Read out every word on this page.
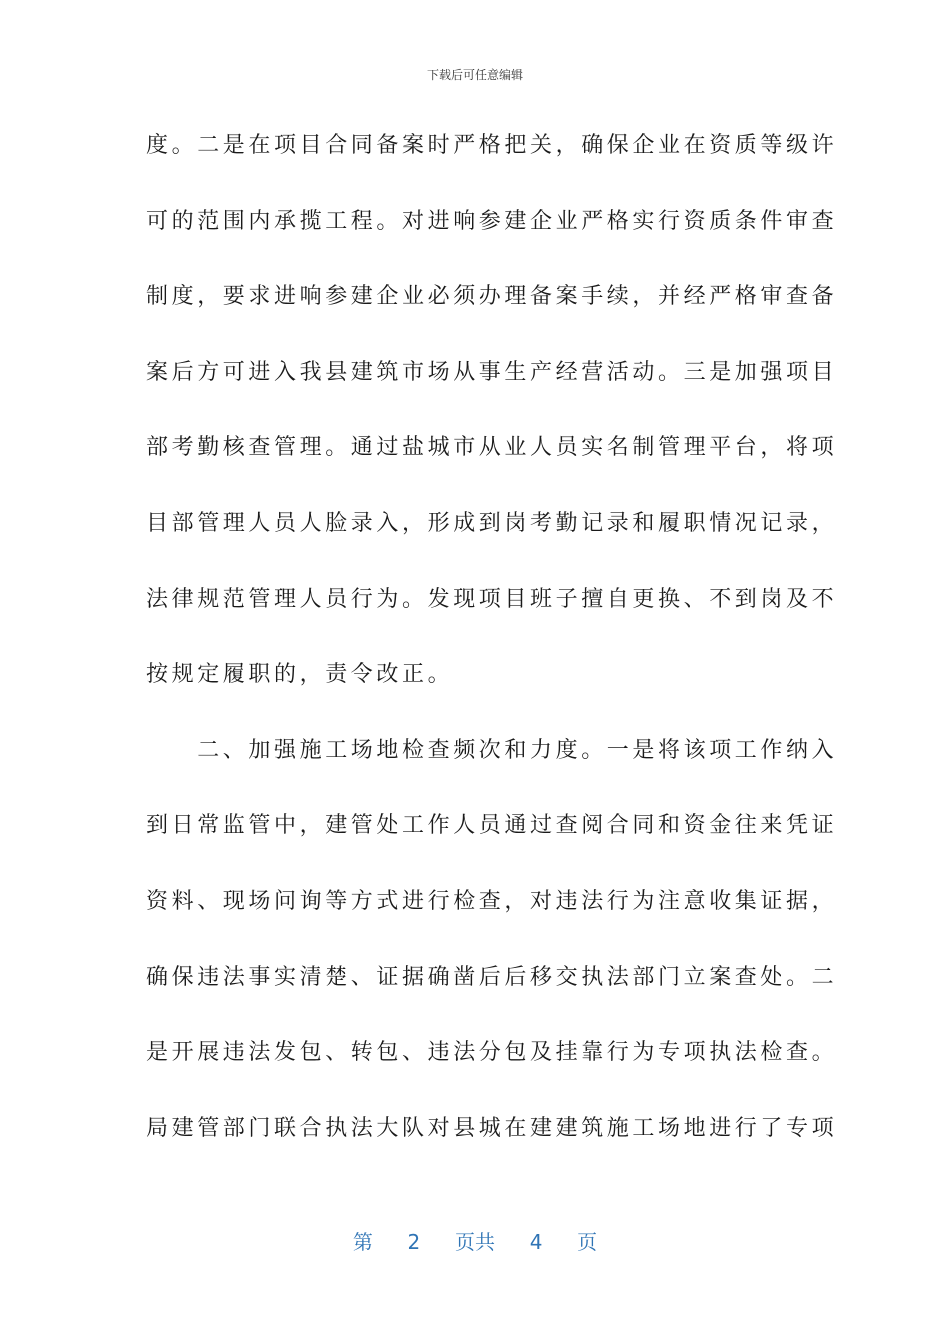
下载后可任意编辑
度。二是在项目合同备案时严格把关，确保企业在资质等级许
可的范围内承揽工程。对进响参建企业严格实行资质条件审查
制度，要求进响参建企业必须办理备案手续，并经严格审查备
案后方可进入我县建筑市场从事生产经营活动。三是加强项目
部考勤核查管理。通过盐城市从业人员实名制管理平台，将项
目部管理人员人脸录入，形成到岗考勤记录和履职情况记录，
法律规范管理人员行为。发现项目班子擅自更换、不到岗及不
按规定履职的，责令改正。
　　二、加强施工场地检查频次和力度。一是将该项工作纳入
到日常监管中，建管处工作人员通过查阅合同和资金往来凭证
资料、现场问询等方式进行检查，对违法行为注意收集证据，
确保违法事实清楚、证据确凿后后移交执法部门立案查处。二
是开展违法发包、转包、违法分包及挂靠行为专项执法检查。
局建管部门联合执法大队对县城在建建筑施工场地进行了专项
第 2 页共 4 页
